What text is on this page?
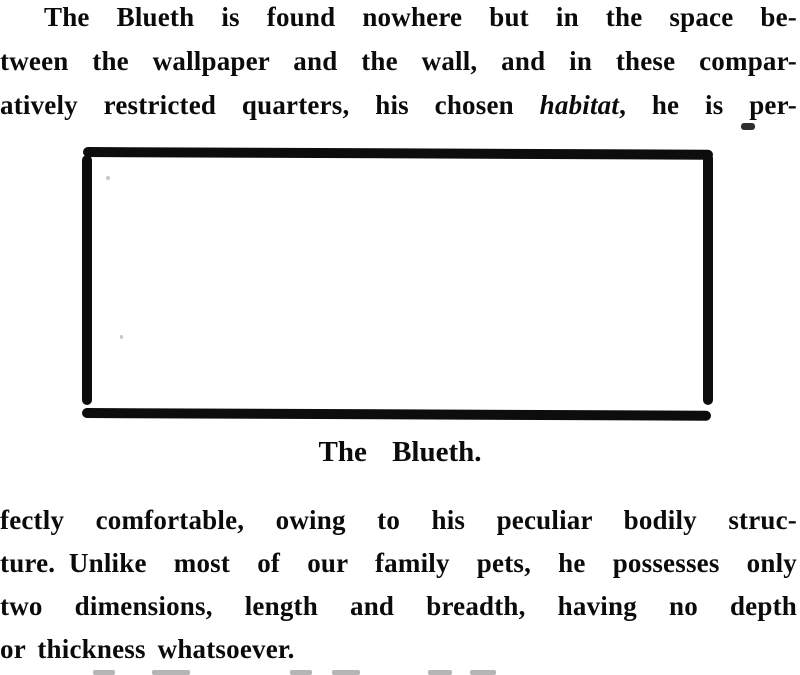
The Blueth is found nowhere but in the space be-
tween the wallpaper and the wall, and in these compar-
atively restricted quarters, his chosen habitat, he is per-
The Blueth.
fectly comfortable, owing to his peculiar bodily struc-
ture. Unlike most of our family pets, he possesses only
two dimensions, length and breadth, having no depth
or thickness whatsoever.
